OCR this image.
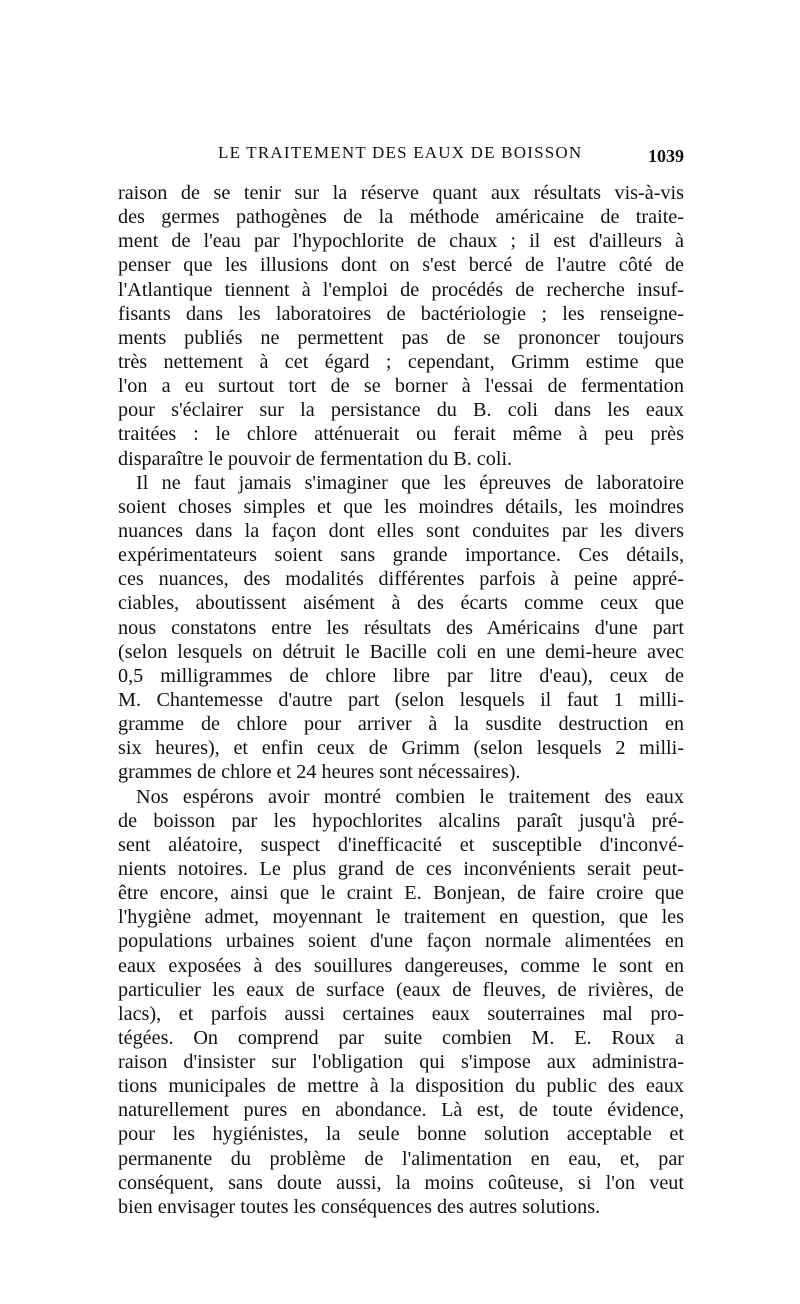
LE TRAITEMENT DES EAUX DE BOISSON	1039
raison de se tenir sur la réserve quant aux résultats vis-à-vis
des germes pathogènes de la méthode américaine de traite-
ment de l'eau par l'hypochlorite de chaux ; il est d'ailleurs à
penser que les illusions dont on s'est bercé de l'autre côté de
l'Atlantique tiennent à l'emploi de procédés de recherche insuf-
fisants dans les laboratoires de bactériologie ; les renseigne-
ments publiés ne permettent pas de se prononcer toujours
très nettement à cet égard ; cependant, Grimm estime que
l'on a eu surtout tort de se borner à l'essai de fermentation
pour s'éclairer sur la persistance du B. coli dans les eaux
traitées : le chlore atténuerait ou ferait même à peu près
disparaître le pouvoir de fermentation du B. coli.
Il ne faut jamais s'imaginer que les épreuves de laboratoire
soient choses simples et que les moindres détails, les moindres
nuances dans la façon dont elles sont conduites par les divers
expérimentateurs soient sans grande importance. Ces détails,
ces nuances, des modalités différentes parfois à peine appré-
ciables, aboutissent aisément à des écarts comme ceux que
nous constatons entre les résultats des Américains d'une part
(selon lesquels on détruit le Bacille coli en une demi-heure avec
0,5 milligrammes de chlore libre par litre d'eau), ceux de
M. Chantemesse d'autre part (selon lesquels il faut 1 milli-
gramme de chlore pour arriver à la susdite destruction en
six heures), et enfin ceux de Grimm (selon lesquels 2 milli-
grammes de chlore et 24 heures sont nécessaires).
Nos espérons avoir montré combien le traitement des eaux
de boisson par les hypochlorites alcalins paraît jusqu'à pré-
sent aléatoire, suspect d'inefficacité et susceptible d'inconvé-
nients notoires. Le plus grand de ces inconvénients serait peut-
être encore, ainsi que le craint E. Bonjean, de faire croire que
l'hygiène admet, moyennant le traitement en question, que les
populations urbaines soient d'une façon normale alimentées en
eaux exposées à des souillures dangereuses, comme le sont en
particulier les eaux de surface (eaux de fleuves, de rivières, de
lacs), et parfois aussi certaines eaux souterraines mal pro-
tégées. On comprend par suite combien M. E. Roux a
raison d'insister sur l'obligation qui s'impose aux administra-
tions municipales de mettre à la disposition du public des eaux
naturellement pures en abondance. Là est, de toute évidence,
pour les hygiénistes, la seule bonne solution acceptable et
permanente du problème de l'alimentation en eau, et, par
conséquent, sans doute aussi, la moins coûteuse, si l'on veut
bien envisager toutes les conséquences des autres solutions.
